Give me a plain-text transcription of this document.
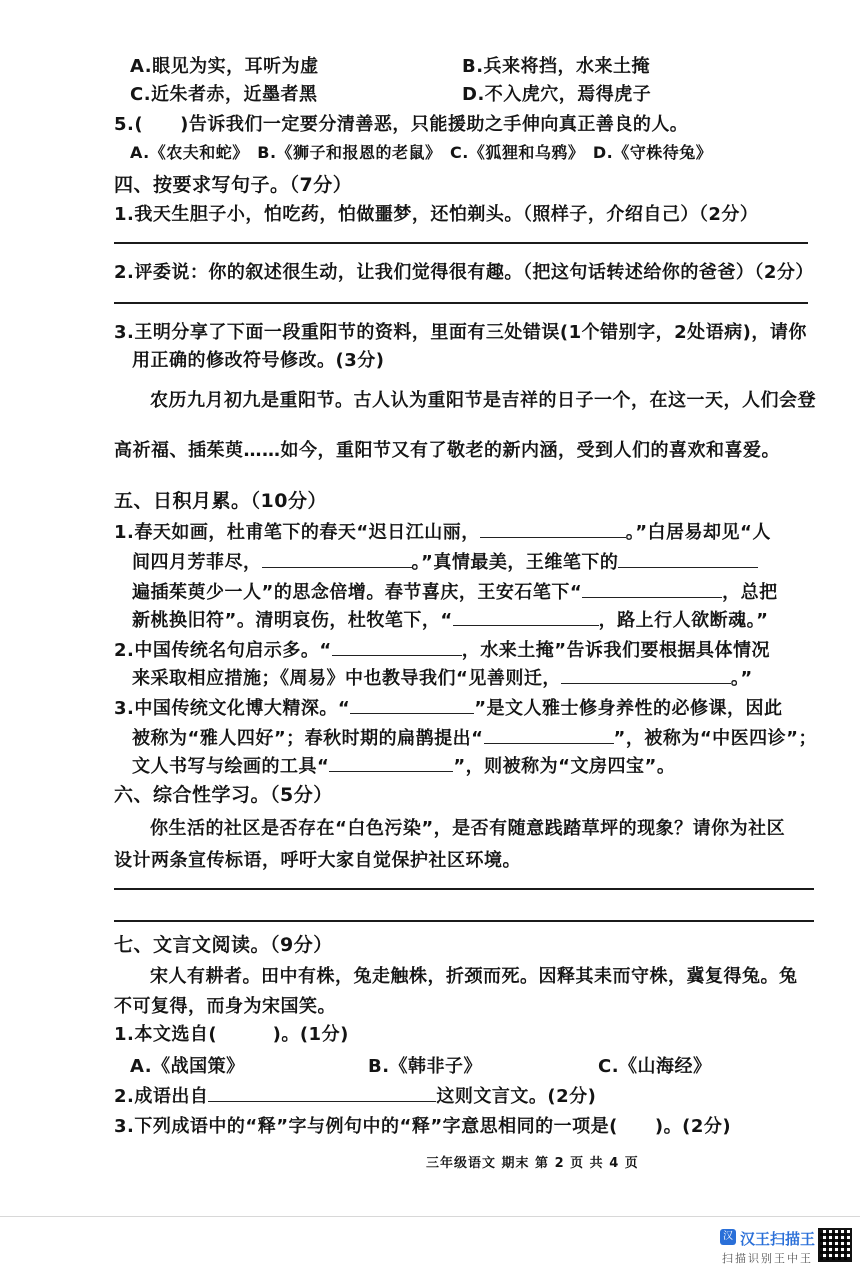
A.眼见为实，耳听为虚	B.兵来将挡，水来土掩
C.近朱者赤，近墨者黑	D.不入虎穴，焉得虎子
5.(　　)告诉我们一定要分清善恶，只能援助之手伸向真正善良的人。
A.《农夫和蛇》　B.《狮子和报恩的老鼠》　C.《狐狸和乌鸦》　D.《守株待兔》
四、按要求写句子。（7分）
1.我天生胆子小，怕吃药，怕做噩梦，还怕剃头。（照样子，介绍自己）（2分）
2.评委说：你的叙述很生动，让我们觉得很有趣。（把这句话转述给你的爸爸）（2分）
3.王明分享了下面一段重阳节的资料，里面有三处错误(1个错别字，2处语病)，请你
用正确的修改符号修改。(3分)
农历九月初九是重阳节。古人认为重阳节是吉祥的日子一个，在这一天，人们会登
高祈福、插茱萸……如今，重阳节又有了敬老的新内涵，受到人们的喜欢和喜爱。
五、日积月累。（10分）
1.春天如画，杜甫笔下的春天“迟日江山丽，	。”白居易却见“人
间四月芳菲尽，	。”真情最美，王维笔下的
遍插茱萸少一人”的思念倍增。春节喜庆，王安石笔下“	，总把
新桃换旧符”。清明哀伤，杜牧笔下，“	，路上行人欲断魂。”
2.中国传统名句启示多。“	，水来土掩”告诉我们要根据具体情况
来采取相应措施；《周易》中也教导我们“见善则迁，	。”
3.中国传统文化博大精深。“	”是文人雅士修身养性的必修课，因此
被称为“雅人四好”；春秋时期的扁鹊提出“	”，被称为“中医四诊”；
文人书写与绘画的工具“	”，则被称为“文房四宝”。
六、综合性学习。（5分）
你生活的社区是否存在“白色污染”，是否有随意践踏草坪的现象？请你为社区
设计两条宣传标语，呼吁大家自觉保护社区环境。
七、文言文阅读。（9分）
宋人有耕者。田中有株，兔走触株，折颈而死。因释其耒而守株，冀复得兔。兔
不可复得，而身为宋国笑。
1.本文选自(　　　)。(1分)
A.《战国策》	B.《韩非子》	C.《山海经》
2.成语出自	这则文言文。(2分)
3.下列成语中的“释”字与例句中的“释”字意思相同的一项是(　　)。(2分)
三年级语文 期末 第 2 页 共 4 页
汉 汉王扫描王
扫描识别王中王
